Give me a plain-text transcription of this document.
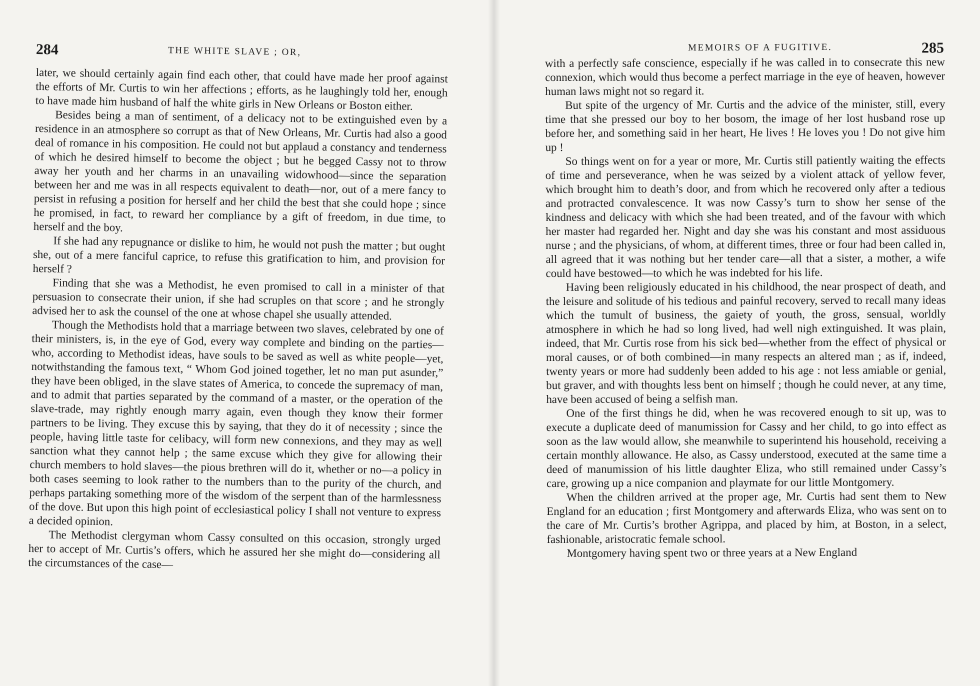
284	THE WHITE SLAVE ; OR,

later, we should certainly again find each other, that could have made her proof against the efforts of Mr. Curtis to win her affections ; efforts, as he laughingly told her, enough to have made him husband of half the white girls in New Orleans or Boston either.

Besides being a man of sentiment, of a delicacy not to be extinguished even by a residence in an atmosphere so corrupt as that of New Orleans, Mr. Curtis had also a good deal of romance in his composition. He could not but applaud a constancy and tenderness of which he desired himself to become the object ; but he begged Cassy not to throw away her youth and her charms in an unavailing widowhood—since the separation between her and me was in all respects equivalent to death—nor, out of a mere fancy to persist in refusing a position for herself and her child the best that she could hope ; since he promised, in fact, to reward her compliance by a gift of freedom, in due time, to herself and the boy.

If she had any repugnance or dislike to him, he would not push the matter ; but ought she, out of a mere fanciful caprice, to refuse this gratification to him, and provision for herself ?

Finding that she was a Methodist, he even promised to call in a minister of that persuasion to consecrate their union, if she had scruples on that score ; and he strongly advised her to ask the counsel of the one at whose chapel she usually attended.

Though the Methodists hold that a marriage between two slaves, celebrated by one of their ministers, is, in the eye of God, every way complete and binding on the parties—who, according to Methodist ideas, have souls to be saved as well as white people—yet, notwithstanding the famous text, “ Whom God joined together, let no man put asunder,” they have been obliged, in the slave states of America, to concede the supremacy of man, and to admit that parties separated by the command of a master, or the operation of the slave-trade, may rightly enough marry again, even though they know their former partners to be living. They excuse this by saying, that they do it of necessity ; since the people, having little taste for celibacy, will form new connexions, and they may as well sanction what they cannot help ; the same excuse which they give for allowing their church members to hold slaves—the pious brethren will do it, whether or no—a policy in both cases seeming to look rather to the numbers than to the purity of the church, and perhaps partaking something more of the wisdom of the serpent than of the harmlessness of the dove. But upon this high point of ecclesiastical policy I shall not venture to express a decided opinion.

The Methodist clergyman whom Cassy consulted on this occasion, strongly urged her to accept of Mr. Curtis’s offers, which he assured her she might do—considering all the circumstances of the case—

MEMOIRS OF A FUGITIVE.	285

with a perfectly safe conscience, especially if he was called in to consecrate this new connexion, which would thus become a perfect marriage in the eye of heaven, however human laws might not so regard it.

But spite of the urgency of Mr. Curtis and the advice of the minister, still, every time that she pressed our boy to her bosom, the image of her lost husband rose up before her, and something said in her heart, He lives ! He loves you ! Do not give him up !

So things went on for a year or more, Mr. Curtis still patiently waiting the effects of time and perseverance, when he was seized by a violent attack of yellow fever, which brought him to death’s door, and from which he recovered only after a tedious and protracted convalescence. It was now Cassy’s turn to show her sense of the kindness and delicacy with which she had been treated, and of the favour with which her master had regarded her. Night and day she was his constant and most assiduous nurse ; and the physicians, of whom, at different times, three or four had been called in, all agreed that it was nothing but her tender care—all that a sister, a mother, a wife could have bestowed—to which he was indebted for his life.

Having been religiously educated in his childhood, the near prospect of death, and the leisure and solitude of his tedious and painful recovery, served to recall many ideas which the tumult of business, the gaiety of youth, the gross, sensual, worldly atmosphere in which he had so long lived, had well nigh extinguished. It was plain, indeed, that Mr. Curtis rose from his sick bed—whether from the effect of physical or moral causes, or of both combined—in many respects an altered man ; as if, indeed, twenty years or more had suddenly been added to his age : not less amiable or genial, but graver, and with thoughts less bent on himself ; though he could never, at any time, have been accused of being a selfish man.

One of the first things he did, when he was recovered enough to sit up, was to execute a duplicate deed of manumission for Cassy and her child, to go into effect as soon as the law would allow, she meanwhile to superintend his household, receiving a certain monthly allowance. He also, as Cassy understood, executed at the same time a deed of manumission of his little daughter Eliza, who still remained under Cassy’s care, growing up a nice companion and playmate for our little Montgomery.

When the children arrived at the proper age, Mr. Curtis had sent them to New England for an education ; first Montgomery and afterwards Eliza, who was sent on to the care of Mr. Curtis’s brother Agrippa, and placed by him, at Boston, in a select, fashionable, aristocratic female school.

Montgomery having spent two or three years at a New England
